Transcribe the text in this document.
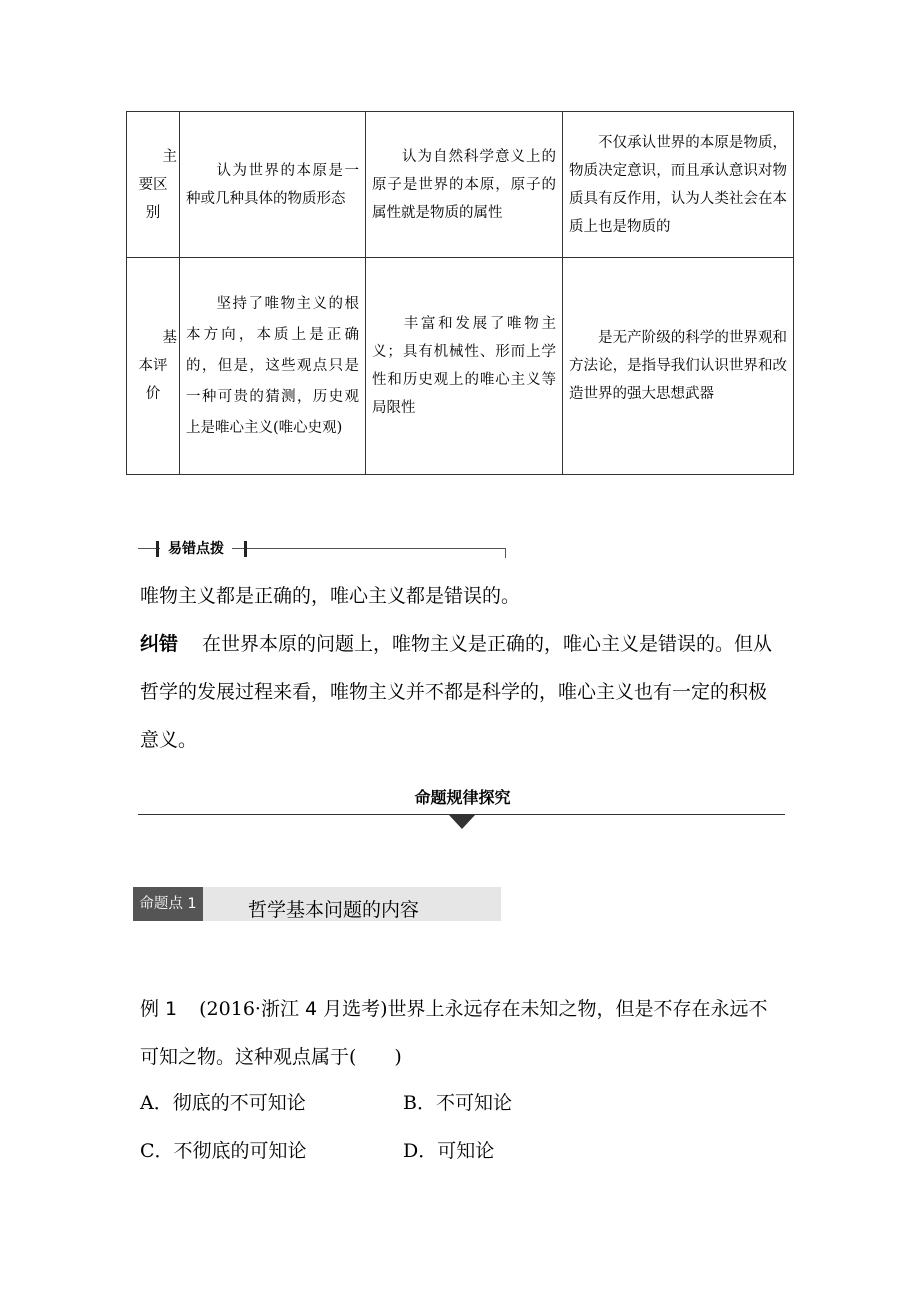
主
要区
别	认为世界的本原是一种或几种具体的物质形态	认为自然科学意义上的原子是世界的本原，原子的属性就是物质的属性	不仅承认世界的本原是物质，物质决定意识，而且承认意识对物质具有反作用，认为人类社会在本质上也是物质的

基
本评
价	坚持了唯物主义的根本方向，本质上是正确的，但是，这些观点只是一种可贵的猜测，历史观上是唯心主义(唯心史观)	丰富和发展了唯物主义；具有机械性、形而上学性和历史观上的唯心主义等局限性	是无产阶级的科学的世界观和方法论，是指导我们认识世界和改造世界的强大思想武器
易错点拨
唯物主义都是正确的，唯心主义都是错误的。
纠错 在世界本原的问题上，唯物主义是正确的，唯心主义是错误的。但从哲学的发展过程来看，唯物主义并不都是科学的，唯心主义也有一定的积极意义。
命题规律探究
命题点 1	哲学基本问题的内容
例 1 (2016·浙江 4 月选考)世界上永远存在未知之物，但是不存在永远不可知之物。这种观点属于(　　)
A．彻底的不可知论	B．不可知论
C．不彻底的可知论	D．可知论
